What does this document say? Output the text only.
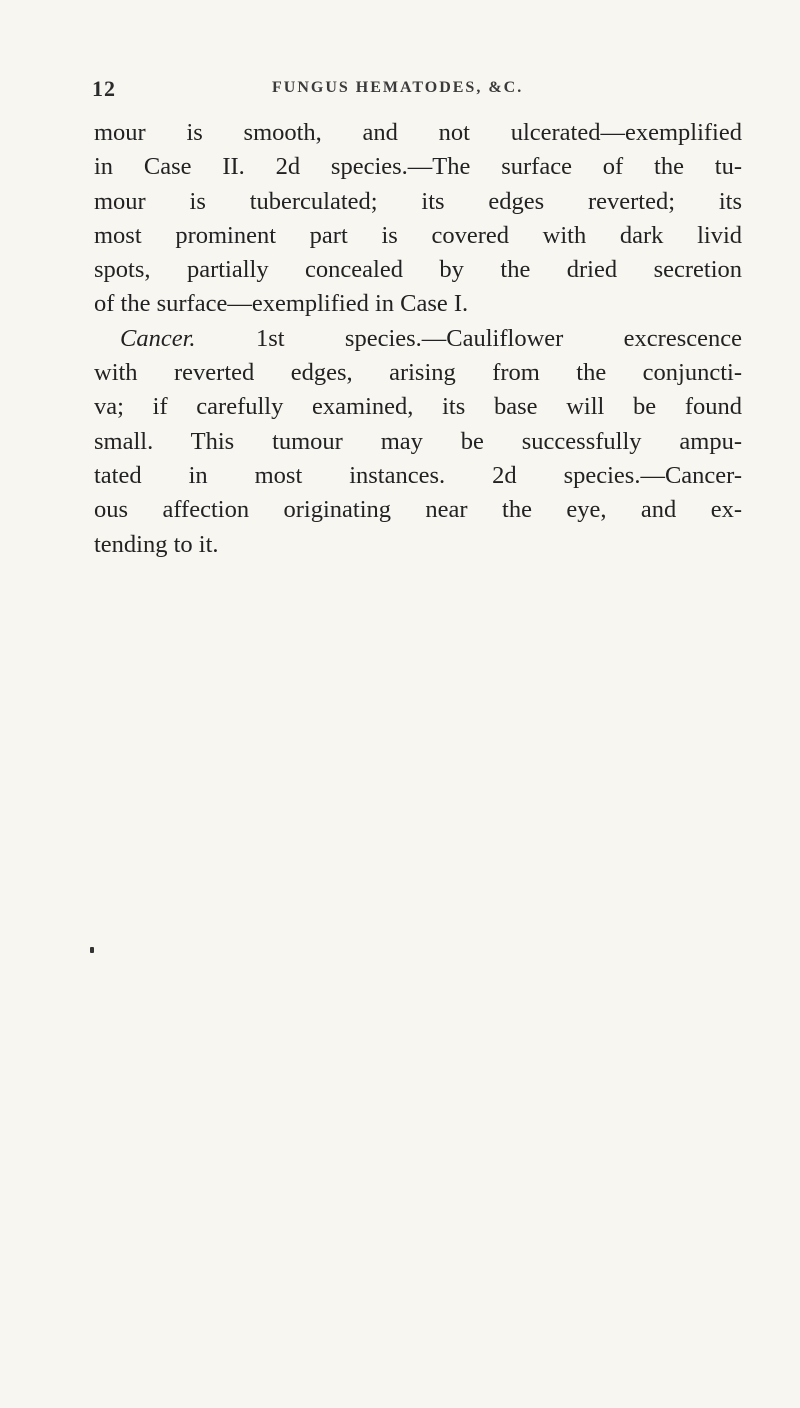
12	FUNGUS HEMATODES, &C.
mour is smooth, and not ulcerated—exemplified
in Case II. 2d species.—The surface of the tu-
mour is tuberculated; its edges reverted; its
most prominent part is covered with dark livid
spots, partially concealed by the dried secretion
of the surface—exemplified in Case I.
Cancer. 1st species.—Cauliflower excrescence
with reverted edges, arising from the conjuncti-
va; if carefully examined, its base will be found
small. This tumour may be successfully ampu-
tated in most instances. 2d species.—Cancer-
ous affection originating near the eye, and ex-
tending to it.
